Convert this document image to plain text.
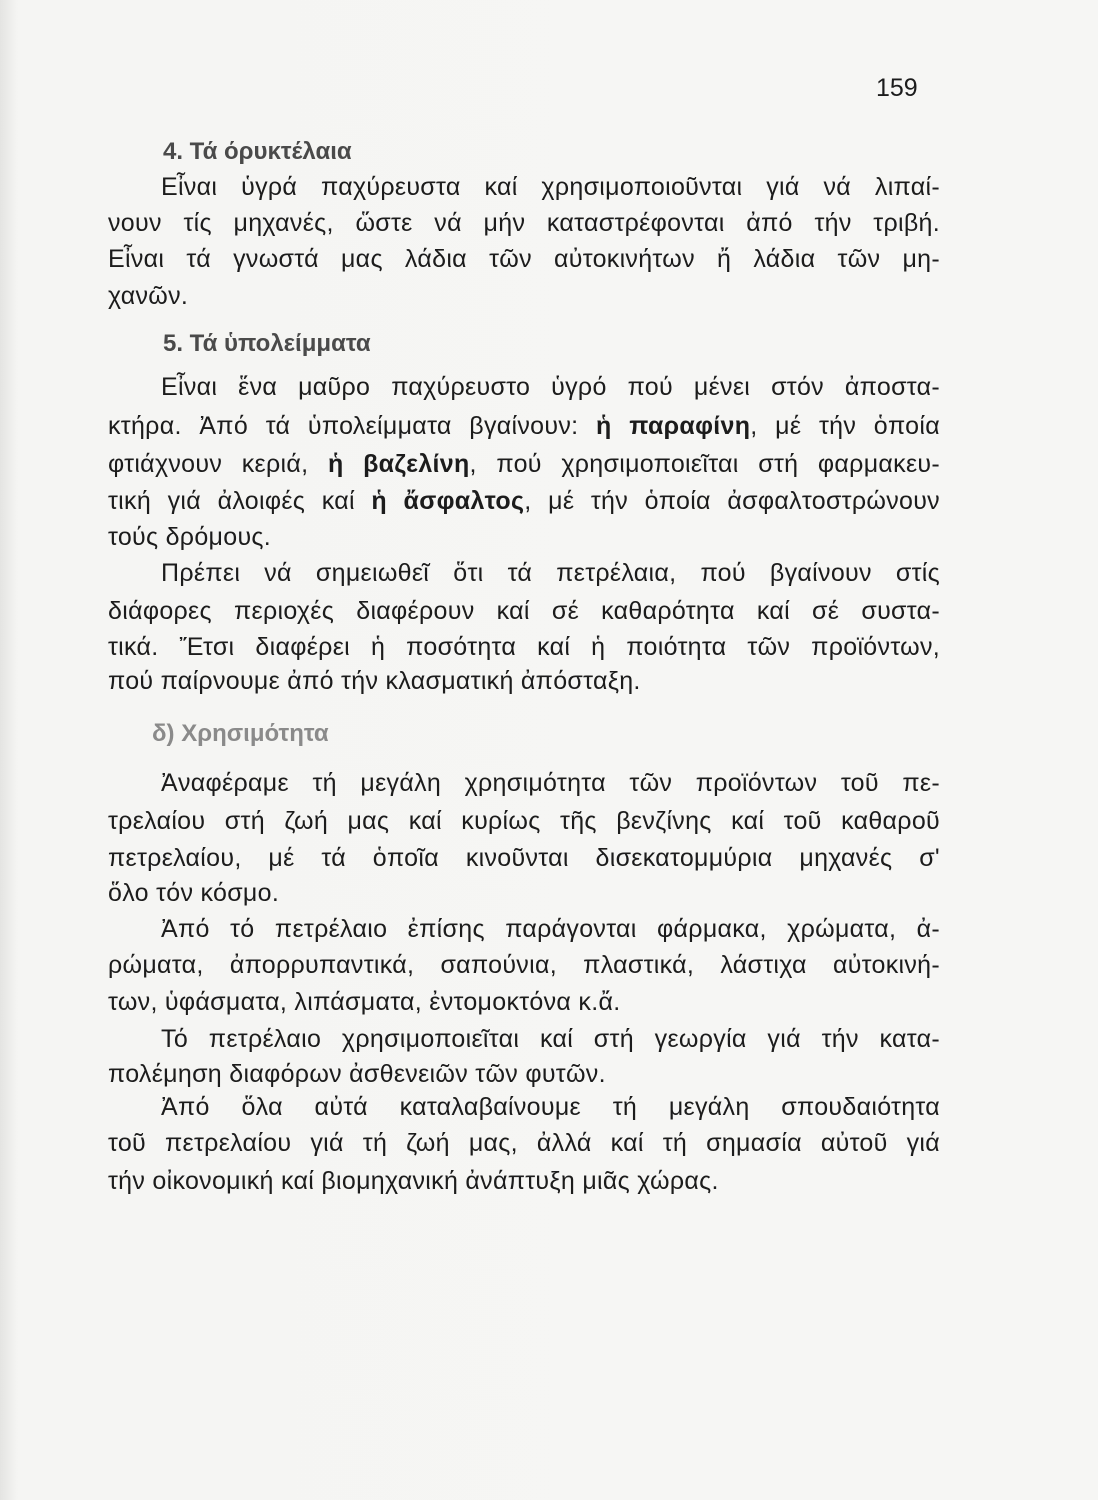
159
4. Τά όρυκτέλαια
Εἶναι ὑγρά παχύρευστα καί χρησιμοποιοῦνται γιά νά λιπαί-
νουν τίς μηχανές, ὥστε νά μήν καταστρέφονται ἀπό τήν τριβή.
Εἶναι τά γνωστά μας λάδια τῶν αὐτοκινήτων ἤ λάδια τῶν μη-
χανῶν.
5. Τά ὑπολείμματα
Εἶναι ἕνα μαῦρο παχύρευστο ὑγρό πού μένει στόν ἀποστα-
κτήρα. Ἀπό τά ὑπολείμματα βγαίνουν: ἡ παραφίνη, μέ τήν ὁποία
φτιάχνουν κεριά, ἡ βαζελίνη, πού χρησιμοποιεῖται στή φαρμακευ-
τική γιά ἀλοιφές καί ἡ ἄσφαλτος, μέ τήν ὁποία ἀσφαλτοστρώνουν
τούς δρόμους.
Πρέπει νά σημειωθεῖ ὅτι τά πετρέλαια, πού βγαίνουν στίς
διάφορες περιοχές διαφέρουν καί σέ καθαρότητα καί σέ συστα-
τικά. Ἔτσι διαφέρει ἡ ποσότητα καί ἡ ποιότητα τῶν προϊόντων,
πού παίρνουμε ἀπό τήν κλασματική ἀπόσταξη.
δ) Χρησιμότητα
Ἀναφέραμε τή μεγάλη χρησιμότητα τῶν προϊόντων τοῦ πε-
τρελαίου στή ζωή μας καί κυρίως τῆς βενζίνης καί τοῦ καθαροῦ
πετρελαίου, μέ τά ὁποῖα κινοῦνται δισεκατομμύρια μηχανές σ'
ὅλο τόν κόσμο.
Ἀπό τό πετρέλαιο ἐπίσης παράγονται φάρμακα, χρώματα, ἀ-
ρώματα, ἀπορρυπαντικά, σαπούνια, πλαστικά, λάστιχα αὐτοκινή-
των, ὑφάσματα, λιπάσματα, ἐντομοκτόνα κ.ἄ.
Τό πετρέλαιο χρησιμοποιεῖται καί στή γεωργία γιά τήν κατα-
πολέμηση διαφόρων ἀσθενειῶν τῶν φυτῶν.
Ἀπό ὅλα αὐτά καταλαβαίνουμε τή μεγάλη σπουδαιότητα
τοῦ πετρελαίου γιά τή ζωή μας, ἀλλά καί τή σημασία αὐτοῦ γιά
τήν οἰκονομική καί βιομηχανική ἀνάπτυξη μιᾶς χώρας.
